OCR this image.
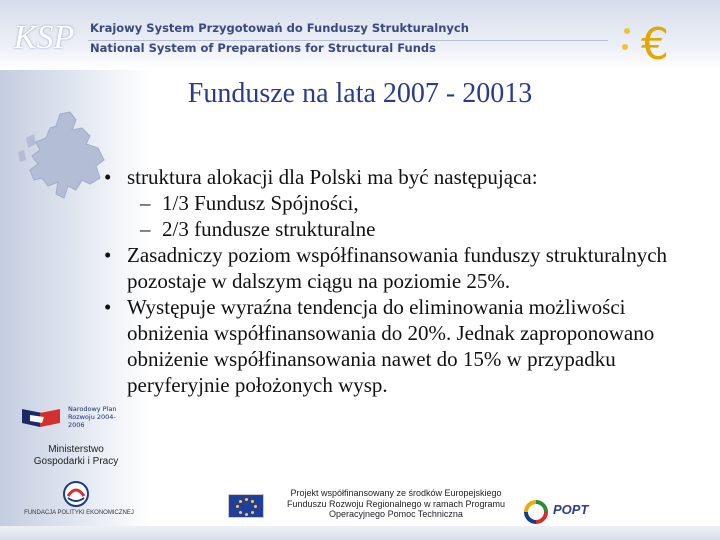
KSP	Krajowy System Przygotowań do Funduszy Strukturalnych
National System of Preparations for Structural Funds	€
Fundusze na lata 2007 - 20013
• struktura alokacji dla Polski ma być następująca:
– 1/3 Fundusz Spójności,
– 2/3 fundusze strukturalne
• Zasadniczy poziom współfinansowania funduszy strukturalnych pozostaje w dalszym ciągu na poziomie 25%.
• Występuje wyraźna tendencja do eliminowania możliwości obniżenia współfinansowania do 20%. Jednak zaproponowano obniżenie współfinansowania nawet do 15% w przypadku peryferyjnie położonych wysp.
Narodowy Plan Rozwoju 2004-2006
Ministerstwo Gospodarki i Pracy
FUNDACJA POLITYKI EKONOMICZNEJ
Projekt współfinansowany ze środków Europejskiego Funduszu Rozwoju Regionalnego w ramach Programu Operacyjnego Pomoc Techniczna	POPT
